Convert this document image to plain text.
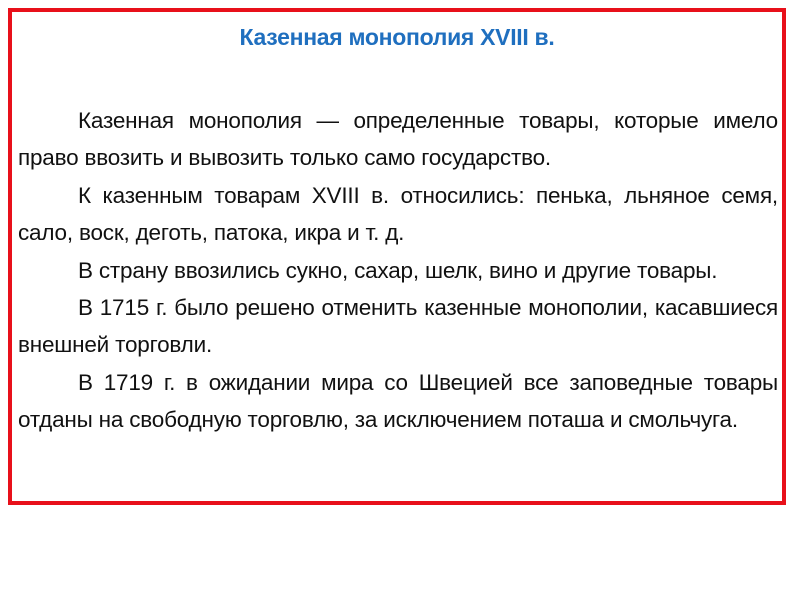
Казенная монополия XVIII в.

Казенная монополия — определенные товары, которые имело право ввозить и вывозить только само государство.

К казенным товарам XVIII в. относились: пенька, льняное семя, сало, воск, деготь, патока, икра и т. д.

В страну ввозились сукно, сахар, шелк, вино и другие товары.

В 1715 г. было решено отменить казенные монополии, касавшиеся внешней торговли.

В 1719 г. в ожидании мира со Швецией все заповедные товары отданы на свободную торговлю, за исключением поташа и смольчуга.
